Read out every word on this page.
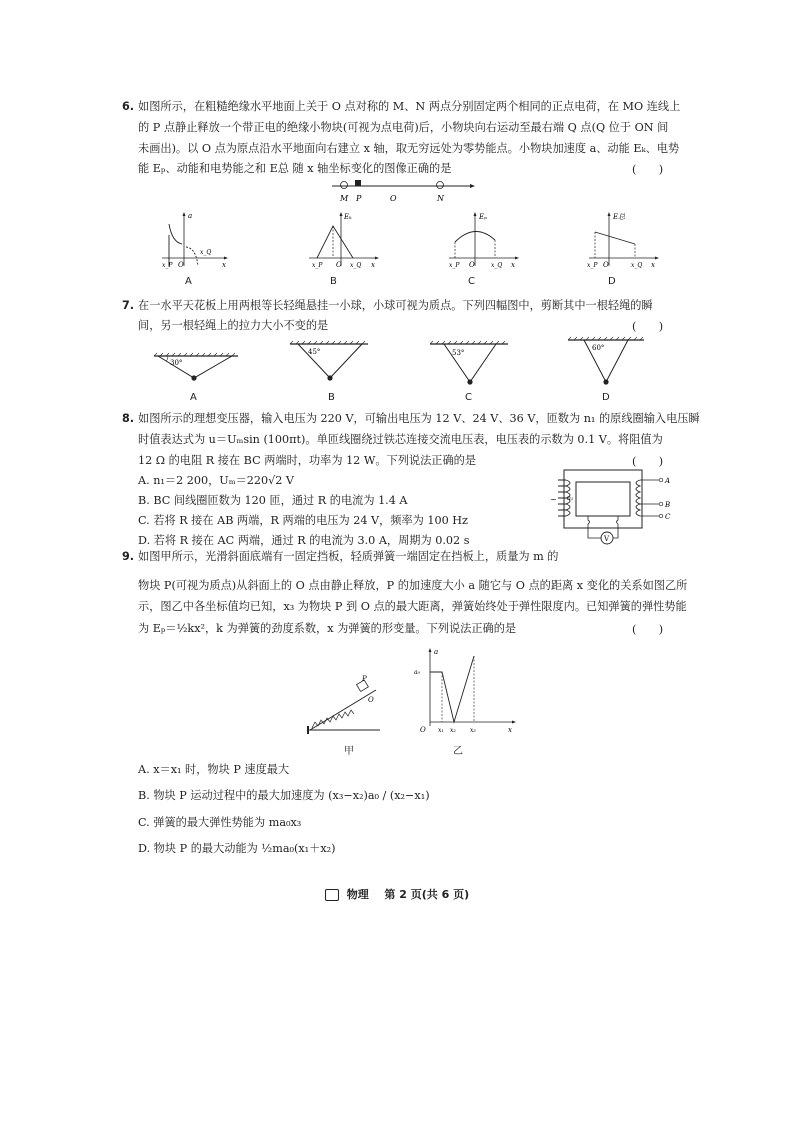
6. 如图所示，在粗糙绝缘水平地面上关于 O 点对称的 M、N 两点分别固定两个相同的正点电荷，在 MO 连线上
的 P 点静止释放一个带正电的绝缘小物块(可视为点电荷)后，小物块向右运动至最右端 Q 点(Q 位于 ON 间
未画出)。以 O 点为原点沿水平地面向右建立 x 轴，取无穷远处为零势能点。小物块加速度 a、动能 Eₖ、电势
能 Eₚ、动能和电势能之和 E总 随 x 轴坐标变化的图像正确的是	(　　)
M P	O	N
a
x_P O
x_Q
x
A
Eₖ
x_P O x_Q x
B
Eₚ
x_P O	x_Q x
C
E总
x_P O	x_Q x
D
7. 在一水平天花板上用两根等长轻绳悬挂一小球，小球可视为质点。下列四幅图中，剪断其中一根轻绳的瞬
间，另一根轻绳上的拉力大小不变的是	(　　)
30°
A
45°
B
53°
C
60°
D
8. 如图所示的理想变压器，输入电压为 220 V，可输出电压为 12 V、24 V、36 V，匝数为 n₁ 的原线圈输入电压瞬
时值表达式为 u＝Uₘsin (100πt)。单匝线圈绕过铁芯连接交流电压表，电压表的示数为 0.1 V。将阻值为
12 Ω 的电阻 R 接在 BC 两端时，功率为 12 W。下列说法正确的是	(　　)
A. n₁＝2 200，Uₘ＝220√2 V
B. BC 间线圈匝数为 120 匝，通过 R 的电流为 1.4 A
C. 若将 R 接在 AB 两端，R 两端的电压为 24 V，频率为 100 Hz
D. 若将 R 接在 AC 两端，通过 R 的电流为 3.0 A，周期为 0.02 s
n₁
~
A
B
C
V
9. 如图甲所示，光滑斜面底端有一固定挡板，轻质弹簧一端固定在挡板上，质量为 m 的
物块 P(可视为质点)从斜面上的 O 点由静止释放，P 的加速度大小 a 随它与 O 点的距离 x 变化的关系如图乙所
示，图乙中各坐标值均已知，x₃ 为物块 P 到 O 点的最大距离，弹簧始终处于弹性限度内。已知弹簧的弹性势能
为 Eₚ＝½kx²，k 为弹簧的劲度系数，x 为弹簧的形变量。下列说法正确的是	(　　)
P
O
甲
a
a₀
O x₁ x₂ x₃	x
乙
A. x＝x₁ 时，物块 P 速度最大
B. 物块 P 运动过程中的最大加速度为 (x₃−x₂)a₀ / (x₂−x₁)
C. 弹簧的最大弹性势能为 ma₀x₃
D. 物块 P 的最大动能为 ½ma₀(x₁＋x₂)
物理 第 2 页(共 6 页)
